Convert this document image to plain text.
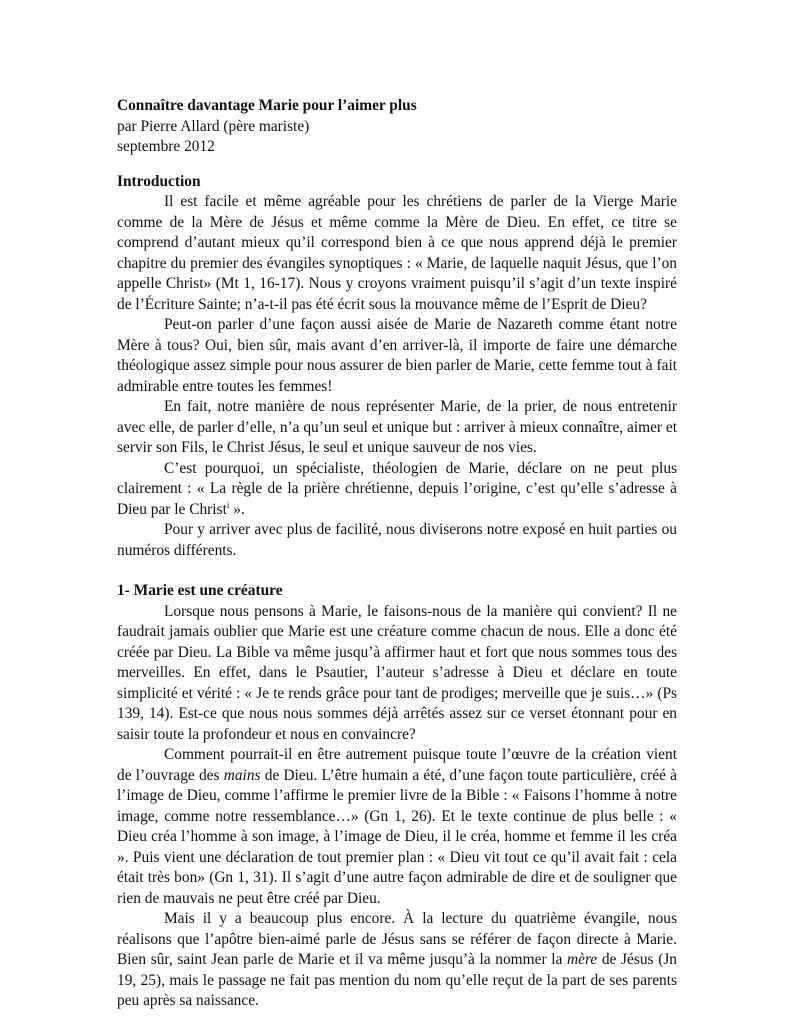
Connaître davantage Marie pour l’aimer plus

par Pierre Allard (père mariste)

septembre 2012

Introduction

Il est facile et même agréable pour les chrétiens de parler de la Vierge Marie comme de la Mère de Jésus et même comme la Mère de Dieu. En effet, ce titre se comprend d’autant mieux qu’il correspond bien à ce que nous apprend déjà le premier chapitre du premier des évangiles synoptiques : « Marie, de laquelle naquit Jésus, que l’on appelle Christ» (Mt 1, 16-17). Nous y croyons vraiment puisqu’il s’agit d’un texte inspiré de l’Écriture Sainte; n’a-t-il pas été écrit sous la mouvance même de l’Esprit de Dieu?

Peut-on parler d’une façon aussi aisée de Marie de Nazareth comme étant notre Mère à tous? Oui, bien sûr, mais avant d’en arriver-là, il importe de faire une démarche théologique assez simple pour nous assurer de bien parler de Marie, cette femme tout à fait admirable entre toutes les femmes!

En fait, notre manière de nous représenter Marie, de la prier, de nous entretenir avec elle, de parler d’elle, n’a qu’un seul et unique but : arriver à mieux connaître, aimer et servir son Fils, le Christ Jésus, le seul et unique sauveur de nos vies.

C’est pourquoi, un spécialiste, théologien de Marie, déclare on ne peut plus clairement : « La règle de la prière chrétienne, depuis l’origine, c’est qu’elle s’adresse à Dieu par le Christ$^i$ ».

Pour y arriver avec plus de facilité, nous diviserons notre exposé en huit parties ou numéros différents.

1- Marie est une créature

Lorsque nous pensons à Marie, le faisons-nous de la manière qui convient? Il ne faudrait jamais oublier que Marie est une créature comme chacun de nous. Elle a donc été créée par Dieu. La Bible va même jusqu’à affirmer haut et fort que nous sommes tous des merveilles. En effet, dans le Psautier, l’auteur s’adresse à Dieu et déclare en toute simplicité et vérité : « Je te rends grâce pour tant de prodiges; merveille que je suis…» (Ps 139, 14). Est-ce que nous nous sommes déjà arrêtés assez sur ce verset étonnant pour en saisir toute la profondeur et nous en convaincre?

Comment pourrait-il en être autrement puisque toute l’œuvre de la création vient de l’ouvrage des mains de Dieu. L’être humain a été, d’une façon toute particulière, créé à l’image de Dieu, comme l’affirme le premier livre de la Bible : « Faisons l’homme à notre image, comme notre ressemblance…» (Gn 1, 26). Et le texte continue de plus belle : « Dieu créa l’homme à son image, à l’image de Dieu, il le créa, homme et femme il les créa ». Puis vient une déclaration de tout premier plan : « Dieu vit tout ce qu’il avait fait : cela était très bon» (Gn 1, 31). Il s’agit d’une autre façon admirable de dire et de souligner que rien de mauvais ne peut être créé par Dieu.

Mais il y a beaucoup plus encore. À la lecture du quatrième évangile, nous réalisons que l’apôtre bien-aimé parle de Jésus sans se référer de façon directe à Marie. Bien sûr, saint Jean parle de Marie et il va même jusqu’à la nommer la mère de Jésus (Jn 19, 25), mais le passage ne fait pas mention du nom qu’elle reçut de la part de ses parents peu après sa naissance.
